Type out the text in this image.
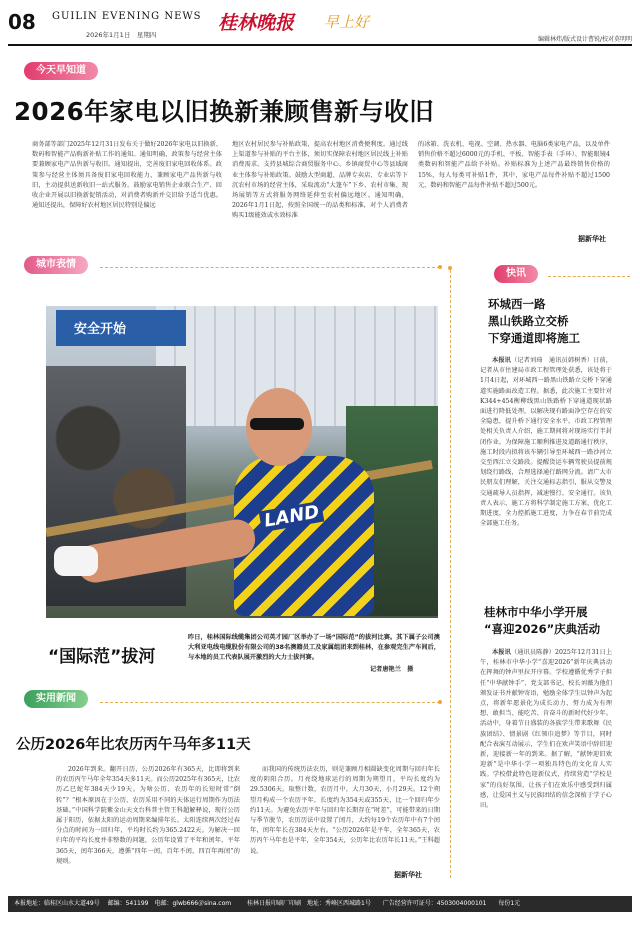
08 GUILIN EVENING NEWS
2026年1月1日　 星期四
桂林晚报 早上好
编辑林炜/版式设计曹锐/校对莫明明
今天早知道
2026年家电以旧换新兼顾售新与收旧
商务部等部门2025年12月31日发布关于做好2026年家电以旧换新、数码和智能产品购新补贴工作的通知。通知明确，政策参与经营主体要兼顾家电产品售新与收旧。通知提出，完善废旧家电回收体系。政策参与经营主体须具备废旧家电回收能力，兼顾家电产品售新与收旧，主动提供送新收旧一站式服务。鼓励家电销售企业联合生产、回收企业开展以旧换新促销活动，对消费者购新并交旧给予适当优惠。通知还提出，保障好农村地区居民特别是偏远
地区农村居民参与补贴政策，提高农村地区消费便利度。通过线上渠道参与补贴的平台主体，须切实保障农村地区居民线上补贴消费需求。支持县城综合商贸服务中心、乡镇商贸中心等县域商业主体参与补贴政策。鼓励大型商超、品牌专卖店、专业店等下沉农村市场的经营主体，采取流动“大篷车”下乡、农村市集、现场展销等方式将服务网络延伸至农村偏远地区。通知明确，2026年1月1日起，按照全国统一的品类和标准，对个人消费者购买1级能效或水效标准
的冰箱、洗衣机、电视、空调、热水器、电脑6类家电产品，以及单件销售价格不超过6000元的手机、平板、智能手表（手环）、智能眼镜4类数码和智能产品给予补贴。补贴标准为上述产品最终销售价格的15%，每人每类可补贴1件，其中，家电产品每件补贴不超过1500元，数码和智能产品每件补贴不超过500元。
据新华社
城市表情
安全开始
LAND
“国际范”拔河
昨日，桂林国际线缆集团公司英才园厂区举办了一场“国际范”的拔河比赛。其下属子公司澳大利亚电线电缆股份有限公司的38名澳籍员工及家属组团来到桂林，在参观完生产车间后，与本地的员工代表队展开激烈的大力士拔河赛。
记者唐艳兰　摄
快讯
环城西一路
黑山铁路立交桥
下穿通道即将施工
本报讯（记者刘琦　通讯员韩树香）日前，记者从市住建局市政工程管理处获悉，该处将于1月4日起，对环城西一路黑山铁路立交桥下穿通道实施路面改造工程。据悉，此次施工主要针对K344+454衡柳线黑山铁路桥下穿通道现状路面进行降低处理，以解决现有路面净空存在的安全隐患，提升桥下通行安全水平。市政工程管理处相关负责人介绍，施工期间将对现场实行半封闭作业。为保障施工顺利推进及道路通行秩序，施工时段内拟将该车辆引导至环城西一路沙河立交至西江立交路段。提醒货运车辆驾驶员提前规划绕行路线，合理选择通行路网分流。请广大市民朋友们理解，关注交通标志指引，服从交警及交通疏导人员指挥，减速慢行、安全通行。该负责人表示，施工方将科学制定施工方案，优化工期进度，全力控抓施工进度，力争在春节前完成全部施工任务。
桂林市中华小学开展
“喜迎2026”庆典活动
本报讯（通讯员陈静）2025年12月31日上午，桂林市中华小学“喜迎2026”新年庆典活动在挥舞的钟声里拉开序幕。学校遵循优秀学子担任“中华献钟手”、党支部书记、校长刘薇为他们颁发证书并献钟寄语，勉励全体学生以钟声为起点，将新年愿景化为成长动力，努力成为有理想、敢担当、能吃苦、肯奋斗的新时代好少年。活动中，身着节日盛装的各族学生带来歌舞《民族团结》、情景剧《红领巾追梦》等节目，同时配合表演互动展示，学生们在欢声笑语中辞旧迎新，迎接新一年的到来。据了解，“献钟迎旧欢迎新”是中华小学一项独具特色的文化育人实践。学校借此特色迎新仪式，持续营造“学校是家”的良好氛围，让孩子们在欢乐中感受到归属感，让爱国主义与民族团结的信念深植于学子心田。
实用新闻
公历2026年比农历丙午马年多11天
2026年到来。翻开日历，公历2026年有365天，比即将到来的农历丙午马年全年354天多11天。而公历2025年有365天，比农历乙巳蛇年384天少19天。为啥公历、农历年的长短时常“倒转”？“根本原因在于公历、农历采用不同的天体运行周期作为历法基础。”中国科学院紫金山天文台科普主管王科超解释说，现行公历属于阳历，依据太阳的运动周期来编排年长。太阳连续两次经过春分点的时间为一回归年，平均时长约为365.2422天。为解决一回归年的平均长度并非整数的问题，公历年设置了平年和闰年，平年365天，闰年366天，遵循“四年一闰，百年不闰，四百年再闰”的规则。
而我国的传统历法农历，则是兼顾月相圆缺变化周期与回归年长度的阴阳合历。月亮绕地球运行的周期为朔望月，平均长度约为29.5306天。取整计数，农历月中，大月30天，小月29天。12个朔望月构成一个农历平年，长度约为354天或355天，比一个回归年少约11天。为避免农历平年与回归年长期存在“时差”，可能带来的日期与季节脱节，农历历法中设置了闰月，大约每19个农历年中有7个闰年，闰年年长在384天左右。“公历2026年是平年，全年365天，农历丙午马年也是平年，全年354天，公历年比农历年长11天。”王科超说。
据新华社
本报地址：临桂区山水大道49号 邮编：541199　电邮：glwb666＠sina.com	桂林日报印刷厂印刷　地址：秀峰区西城路1号 广告经营许可证号：4503004000101 每份1元
